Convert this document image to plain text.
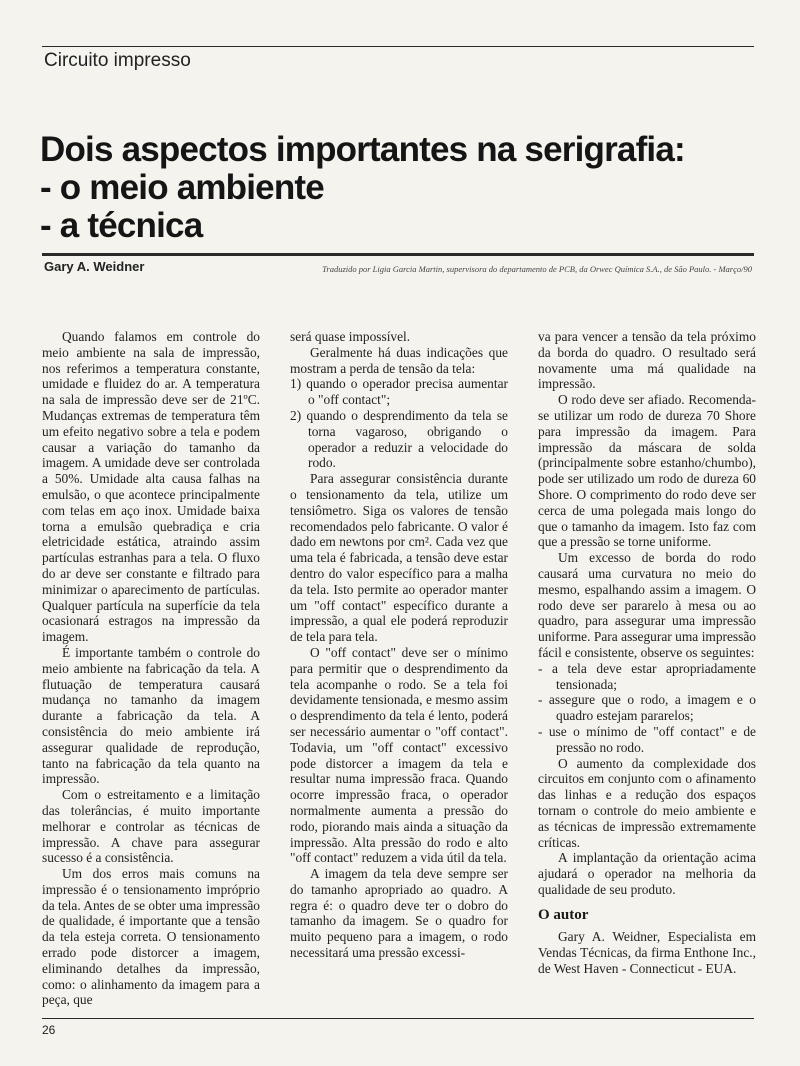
Circuito impresso
Dois aspectos importantes na serigrafia:
- o meio ambiente
- a técnica
Gary A. Weidner	Traduzido por Ligia Garcia Martin, supervisora do departamento de PCB, da Orwec Química S.A., de São Paulo. - Março/90

Quando falamos em controle do meio ambiente na sala de impressão, nos referimos a temperatura constante, umidade e fluidez do ar. A temperatura na sala de impressão deve ser de 21ºC. Mudanças extremas de temperatura têm um efeito negativo sobre a tela e podem causar a variação do tamanho da imagem. A umidade deve ser controlada a 50%. Umidade alta causa falhas na emulsão, o que acontece principalmente com telas em aço inox. Umidade baixa torna a emulsão quebradiça e cria eletricidade estática, atraindo assim partículas estranhas para a tela. O fluxo do ar deve ser constante e filtrado para minimizar o aparecimento de partículas. Qualquer partícula na superfície da tela ocasionará estragos na impressão da imagem.

É importante também o controle do meio ambiente na fabricação da tela. A flutuação de temperatura causará mudança no tamanho da imagem durante a fabricação da tela. A consistência do meio ambiente irá assegurar qualidade de reprodução, tanto na fabricação da tela quanto na impressão.

Com o estreitamento e a limitação das tolerâncias, é muito importante melhorar e controlar as técnicas de impressão. A chave para assegurar sucesso é a consistência.

Um dos erros mais comuns na impressão é o tensionamento impróprio da tela. Antes de se obter uma impressão de qualidade, é importante que a tensão da tela esteja correta. O tensionamento errado pode distorcer a imagem, eliminando detalhes da impressão, como: o alinhamento da imagem para a peça, que

será quase impossível.

Geralmente há duas indicações que mostram a perda de tensão da tela:

1) quando o operador precisa aumentar o "off contact";
2) quando o desprendimento da tela se torna vagaroso, obrigando o operador a reduzir a velocidade do rodo.

Para assegurar consistência durante o tensionamento da tela, utilize um tensiômetro. Siga os valores de tensão recomendados pelo fabricante. O valor é dado em newtons por cm². Cada vez que uma tela é fabricada, a tensão deve estar dentro do valor específico para a malha da tela. Isto permite ao operador manter um "off contact" específico durante a impressão, a qual ele poderá reproduzir de tela para tela.

O "off contact" deve ser o mínimo para permitir que o desprendimento da tela acompanhe o rodo. Se a tela foi devidamente tensionada, e mesmo assim o desprendimento da tela é lento, poderá ser necessário aumentar o "off contact". Todavia, um "off contact" excessivo pode distorcer a imagem da tela e resultar numa impressão fraca. Quando ocorre impressão fraca, o operador normalmente aumenta a pressão do rodo, piorando mais ainda a situação da impressão. Alta pressão do rodo e alto "off contact" reduzem a vida útil da tela.

A imagem da tela deve sempre ser do tamanho apropriado ao quadro. A regra é: o quadro deve ter o dobro do tamanho da imagem. Se o quadro for muito pequeno para a imagem, o rodo necessitará uma pressão excessi-

va para vencer a tensão da tela próximo da borda do quadro. O resultado será novamente uma má qualidade na impressão.

O rodo deve ser afiado. Recomenda-se utilizar um rodo de dureza 70 Shore para impressão da imagem. Para impressão da máscara de solda (principalmente sobre estanho/chumbo), pode ser utilizado um rodo de dureza 60 Shore. O comprimento do rodo deve ser cerca de uma polegada mais longo do que o tamanho da imagem. Isto faz com que a pressão se torne uniforme.

Um excesso de borda do rodo causará uma curvatura no meio do mesmo, espalhando assim a imagem. O rodo deve ser pararelo à mesa ou ao quadro, para assegurar uma impressão uniforme. Para assegurar uma impressão fácil e consistente, observe os seguintes:

- a tela deve estar apropriadamente tensionada;
- assegure que o rodo, a imagem e o quadro estejam pararelos;
- use o mínimo de "off contact" e de pressão no rodo.

O aumento da complexidade dos circuitos em conjunto com o afinamento das linhas e a redução dos espaços tornam o controle do meio ambiente e as técnicas de impressão extremamente críticas.

A implantação da orientação acima ajudará o operador na melhoria da qualidade de seu produto.

O autor

Gary A. Weidner, Especialista em Vendas Técnicas, da firma Enthone Inc., de West Haven - Connecticut - EUA.

26
